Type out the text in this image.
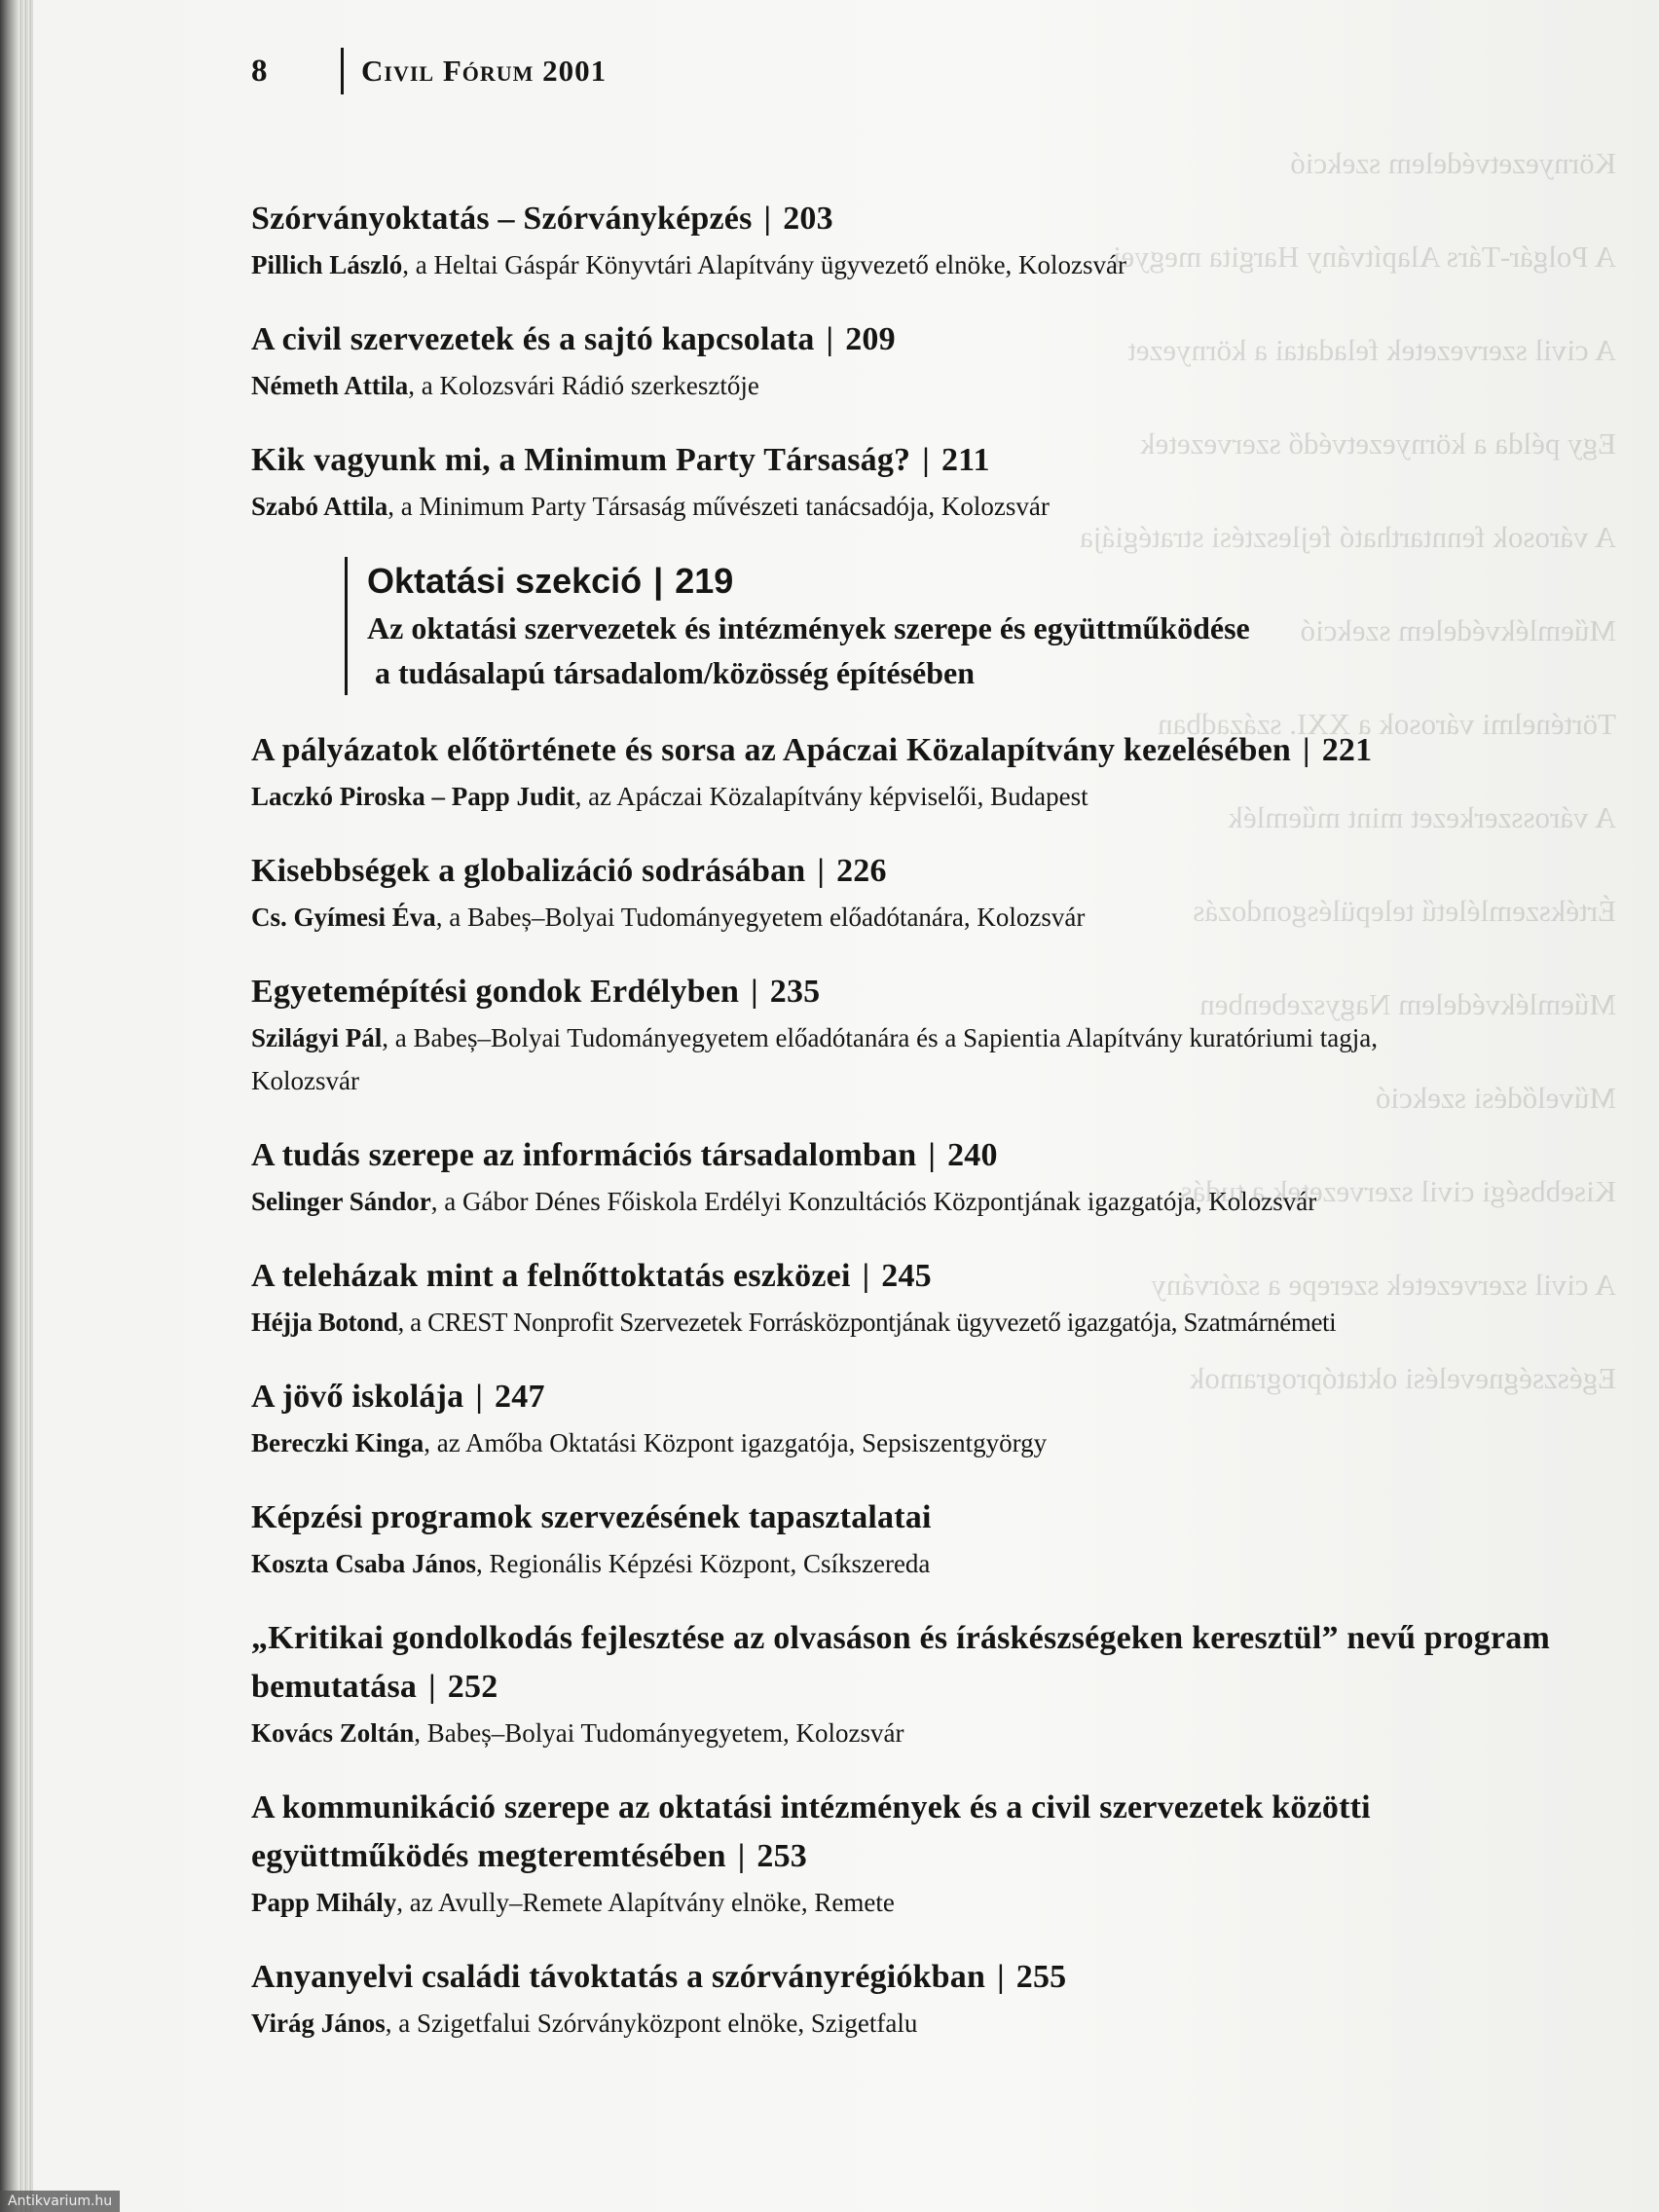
Környezetvédelem szekció
A Polgár-Társ Alapítvány Hargita megyei
A civil szervezetek feladatai a környezet
Egy példa a környezetvédő szervezetek
A városok fenntartható fejlesztési stratégiája
Műemlékvédelem szekció
Történelmi városok a XXI. században
A városszerkezet mint műemlék
Értékszemléletű településgondozás
Műemlékvédelem Nagyszebenben
Művelődési szekció
Kisebbségi civil szervezetek a tudás
A civil szervezetek szerepe a szórvány
Egészségnevelési oktatóprogramok
8	Civil Fórum 2001
Szórványoktatás – Szórványképzés | 203
Pillich László, a Heltai Gáspár Könyvtári Alapítvány ügyvezető elnöke, Kolozsvár
A civil szervezetek és a sajtó kapcsolata | 209
Németh Attila, a Kolozsvári Rádió szerkesztője
Kik vagyunk mi, a Minimum Party Társaság? | 211
Szabó Attila, a Minimum Party Társaság művészeti tanácsadója, Kolozsvár
Oktatási szekció | 219
Az oktatási szervezetek és intézmények szerepe és együttműködése
a tudásalapú társadalom/közösség építésében
A pályázatok előtörténete és sorsa az Apáczai Közalapítvány kezelésében | 221
Laczkó Piroska – Papp Judit, az Apáczai Közalapítvány képviselői, Budapest
Kisebbségek a globalizáció sodrásában | 226
Cs. Gyímesi Éva, a Babeș–Bolyai Tudományegyetem előadótanára, Kolozsvár
Egyetemépítési gondok Erdélyben | 235
Szilágyi Pál, a Babeș–Bolyai Tudományegyetem előadótanára és a Sapientia Alapítvány kuratóriumi tagja, Kolozsvár
A tudás szerepe az információs társadalomban | 240
Selinger Sándor, a Gábor Dénes Főiskola Erdélyi Konzultációs Központjának igazgatója, Kolozsvár
A teleházak mint a felnőttoktatás eszközei | 245
Héjja Botond, a CREST Nonprofit Szervezetek Forrásközpontjának ügyvezető igazgatója, Szatmárnémeti
A jövő iskolája | 247
Bereczki Kinga, az Amőba Oktatási Központ igazgatója, Sepsiszentgyörgy
Képzési programok szervezésének tapasztalatai
Koszta Csaba János, Regionális Képzési Központ, Csíkszereda
„Kritikai gondolkodás fejlesztése az olvasáson és íráskészségeken keresztül” nevű program bemutatása | 252
Kovács Zoltán, Babeș–Bolyai Tudományegyetem, Kolozsvár
A kommunikáció szerepe az oktatási intézmények és a civil szervezetek közötti együttműködés megteremtésében | 253
Papp Mihály, az Avully–Remete Alapítvány elnöke, Remete
Anyanyelvi családi távoktatás a szórványrégiókban | 255
Virág János, a Szigetfalui Szórványközpont elnöke, Szigetfalu
Antikvarium.hu
